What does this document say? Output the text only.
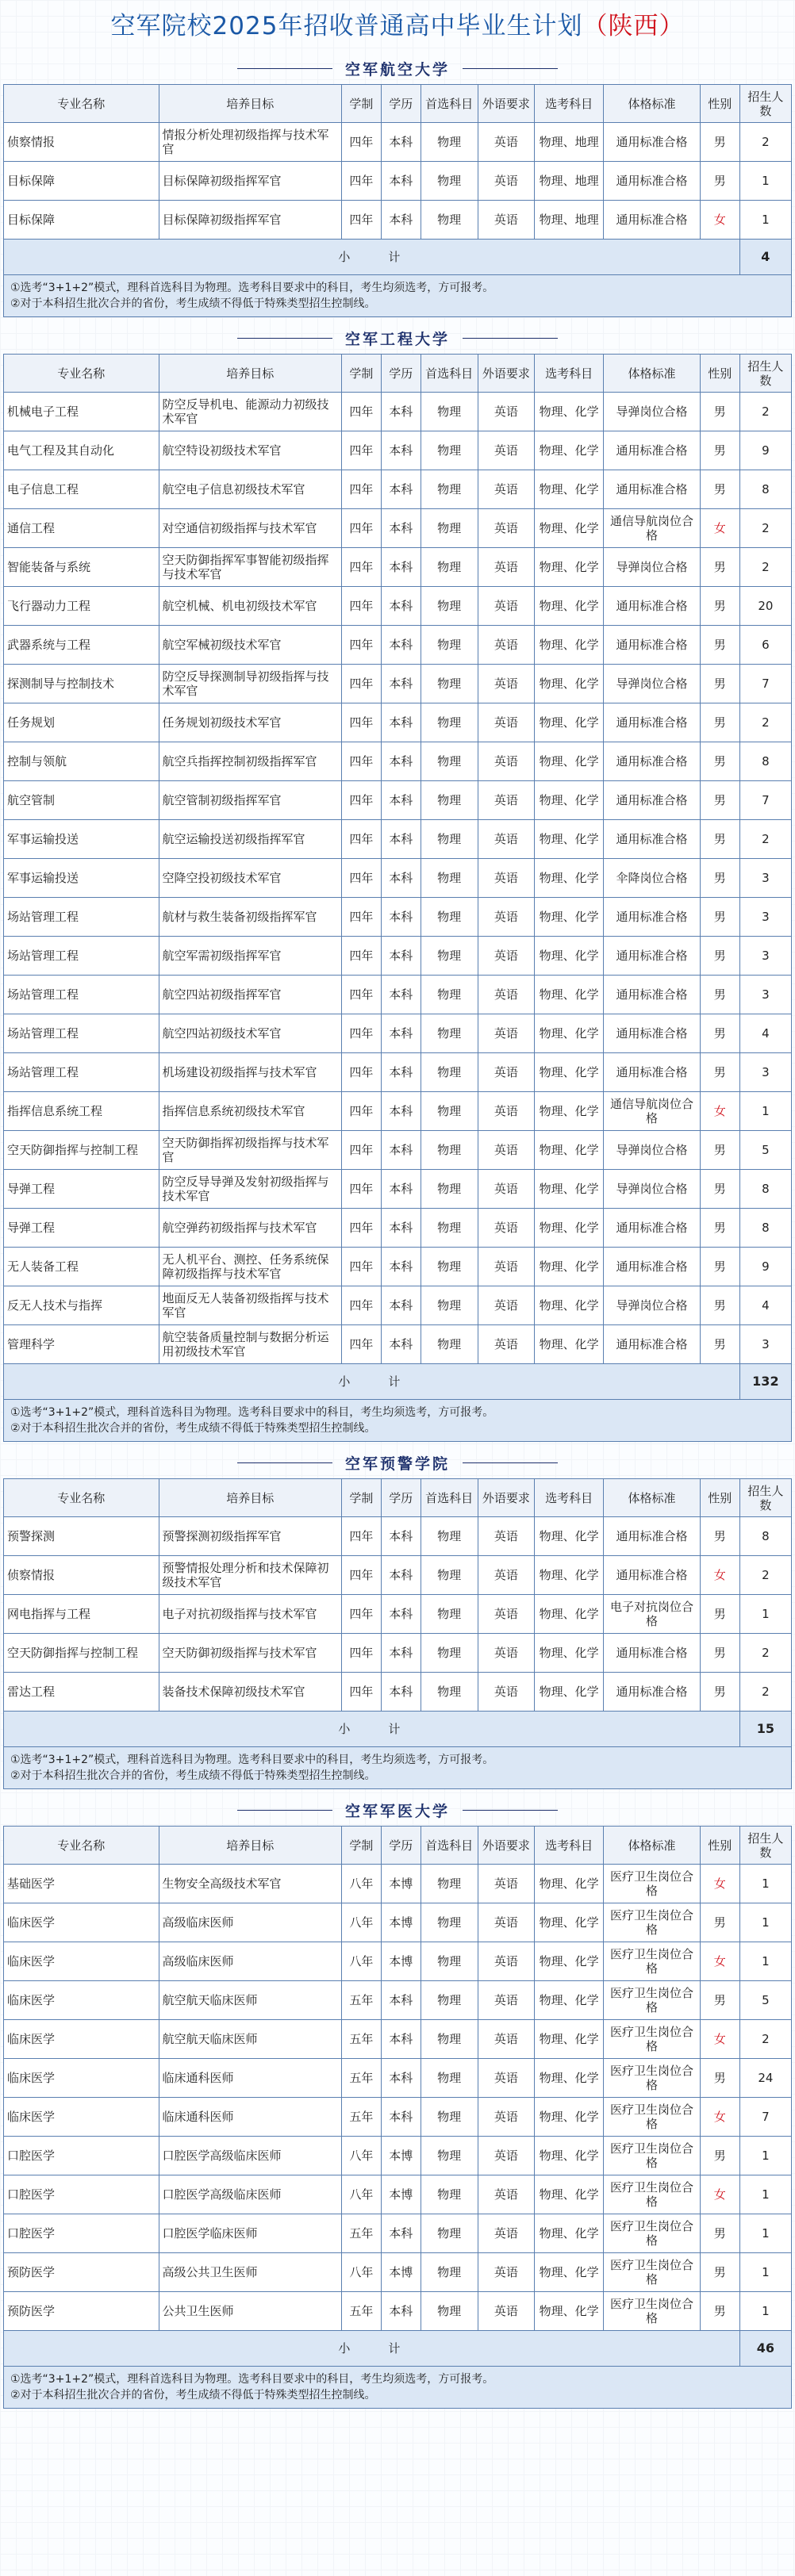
空军院校2025年招收普通高中毕业生计划（陕西）
空军航空大学
专业名称	培养目标	学制	学历	首选科目	外语要求	选考科目	体格标准	性别	招生人数
侦察情报	情报分析处理初级指挥与技术军官	四年	本科	物理	英语	物理、地理	通用标准合格	男	2
目标保障	目标保障初级指挥军官	四年	本科	物理	英语	物理、地理	通用标准合格	男	1
目标保障	目标保障初级指挥军官	四年	本科	物理	英语	物理、地理	通用标准合格	女	1
小　　计									4

①选考“3+1+2”模式，理科首选科目为物理。选考科目要求中的科目，考生均须选考，方可报考。
②对于本科招生批次合并的省份，考生成绩不得低于特殊类型招生控制线。									
空军工程大学
专业名称	培养目标	学制	学历	首选科目	外语要求	选考科目	体格标准	性别	招生人数
机械电子工程	防空反导机电、能源动力初级技术军官	四年	本科	物理	英语	物理、化学	导弹岗位合格	男	2
电气工程及其自动化	航空特设初级技术军官	四年	本科	物理	英语	物理、化学	通用标准合格	男	9
电子信息工程	航空电子信息初级技术军官	四年	本科	物理	英语	物理、化学	通用标准合格	男	8
通信工程	对空通信初级指挥与技术军官	四年	本科	物理	英语	物理、化学	通信导航岗位合格	女	2
智能装备与系统	空天防御指挥军事智能初级指挥与技术军官	四年	本科	物理	英语	物理、化学	导弹岗位合格	男	2
飞行器动力工程	航空机械、机电初级技术军官	四年	本科	物理	英语	物理、化学	通用标准合格	男	20
武器系统与工程	航空军械初级技术军官	四年	本科	物理	英语	物理、化学	通用标准合格	男	6
探测制导与控制技术	防空反导探测制导初级指挥与技术军官	四年	本科	物理	英语	物理、化学	导弹岗位合格	男	7
任务规划	任务规划初级技术军官	四年	本科	物理	英语	物理、化学	通用标准合格	男	2
控制与领航	航空兵指挥控制初级指挥军官	四年	本科	物理	英语	物理、化学	通用标准合格	男	8
航空管制	航空管制初级指挥军官	四年	本科	物理	英语	物理、化学	通用标准合格	男	7
军事运输投送	航空运输投送初级指挥军官	四年	本科	物理	英语	物理、化学	通用标准合格	男	2
军事运输投送	空降空投初级技术军官	四年	本科	物理	英语	物理、化学	伞降岗位合格	男	3
场站管理工程	航材与救生装备初级指挥军官	四年	本科	物理	英语	物理、化学	通用标准合格	男	3
场站管理工程	航空军需初级指挥军官	四年	本科	物理	英语	物理、化学	通用标准合格	男	3
场站管理工程	航空四站初级指挥军官	四年	本科	物理	英语	物理、化学	通用标准合格	男	3
场站管理工程	航空四站初级技术军官	四年	本科	物理	英语	物理、化学	通用标准合格	男	4
场站管理工程	机场建设初级指挥与技术军官	四年	本科	物理	英语	物理、化学	通用标准合格	男	3
指挥信息系统工程	指挥信息系统初级技术军官	四年	本科	物理	英语	物理、化学	通信导航岗位合格	女	1
空天防御指挥与控制工程	空天防御指挥初级指挥与技术军官	四年	本科	物理	英语	物理、化学	导弹岗位合格	男	5
导弹工程	防空反导导弹及发射初级指挥与技术军官	四年	本科	物理	英语	物理、化学	导弹岗位合格	男	8
导弹工程	航空弹药初级指挥与技术军官	四年	本科	物理	英语	物理、化学	通用标准合格	男	8
无人装备工程	无人机平台、测控、任务系统保障初级指挥与技术军官	四年	本科	物理	英语	物理、化学	通用标准合格	男	9
反无人技术与指挥	地面反无人装备初级指挥与技术军官	四年	本科	物理	英语	物理、化学	导弹岗位合格	男	4
管理科学	航空装备质量控制与数据分析运用初级技术军官	四年	本科	物理	英语	物理、化学	通用标准合格	男	3
小　　计									132

①选考“3+1+2”模式，理科首选科目为物理。选考科目要求中的科目，考生均须选考，方可报考。
②对于本科招生批次合并的省份，考生成绩不得低于特殊类型招生控制线。									
空军预警学院
专业名称	培养目标	学制	学历	首选科目	外语要求	选考科目	体格标准	性别	招生人数
预警探测	预警探测初级指挥军官	四年	本科	物理	英语	物理、化学	通用标准合格	男	8
侦察情报	预警情报处理分析和技术保障初级技术军官	四年	本科	物理	英语	物理、化学	通用标准合格	女	2
网电指挥与工程	电子对抗初级指挥与技术军官	四年	本科	物理	英语	物理、化学	电子对抗岗位合格	男	1
空天防御指挥与控制工程	空天防御初级指挥与技术军官	四年	本科	物理	英语	物理、化学	通用标准合格	男	2
雷达工程	装备技术保障初级技术军官	四年	本科	物理	英语	物理、化学	通用标准合格	男	2
小　　计									15

①选考“3+1+2”模式，理科首选科目为物理。选考科目要求中的科目，考生均须选考，方可报考。
②对于本科招生批次合并的省份，考生成绩不得低于特殊类型招生控制线。									
空军军医大学
专业名称	培养目标	学制	学历	首选科目	外语要求	选考科目	体格标准	性别	招生人数
基础医学	生物安全高级技术军官	八年	本博	物理	英语	物理、化学	医疗卫生岗位合格	女	1
临床医学	高级临床医师	八年	本博	物理	英语	物理、化学	医疗卫生岗位合格	男	1
临床医学	高级临床医师	八年	本博	物理	英语	物理、化学	医疗卫生岗位合格	女	1
临床医学	航空航天临床医师	五年	本科	物理	英语	物理、化学	医疗卫生岗位合格	男	5
临床医学	航空航天临床医师	五年	本科	物理	英语	物理、化学	医疗卫生岗位合格	女	2
临床医学	临床通科医师	五年	本科	物理	英语	物理、化学	医疗卫生岗位合格	男	24
临床医学	临床通科医师	五年	本科	物理	英语	物理、化学	医疗卫生岗位合格	女	7
口腔医学	口腔医学高级临床医师	八年	本博	物理	英语	物理、化学	医疗卫生岗位合格	男	1
口腔医学	口腔医学高级临床医师	八年	本博	物理	英语	物理、化学	医疗卫生岗位合格	女	1
口腔医学	口腔医学临床医师	五年	本科	物理	英语	物理、化学	医疗卫生岗位合格	男	1
预防医学	高级公共卫生医师	八年	本博	物理	英语	物理、化学	医疗卫生岗位合格	男	1
预防医学	公共卫生医师	五年	本科	物理	英语	物理、化学	医疗卫生岗位合格	男	1
小　　计									46

①选考“3+1+2”模式，理科首选科目为物理。选考科目要求中的科目，考生均须选考，方可报考。
②对于本科招生批次合并的省份，考生成绩不得低于特殊类型招生控制线。									
